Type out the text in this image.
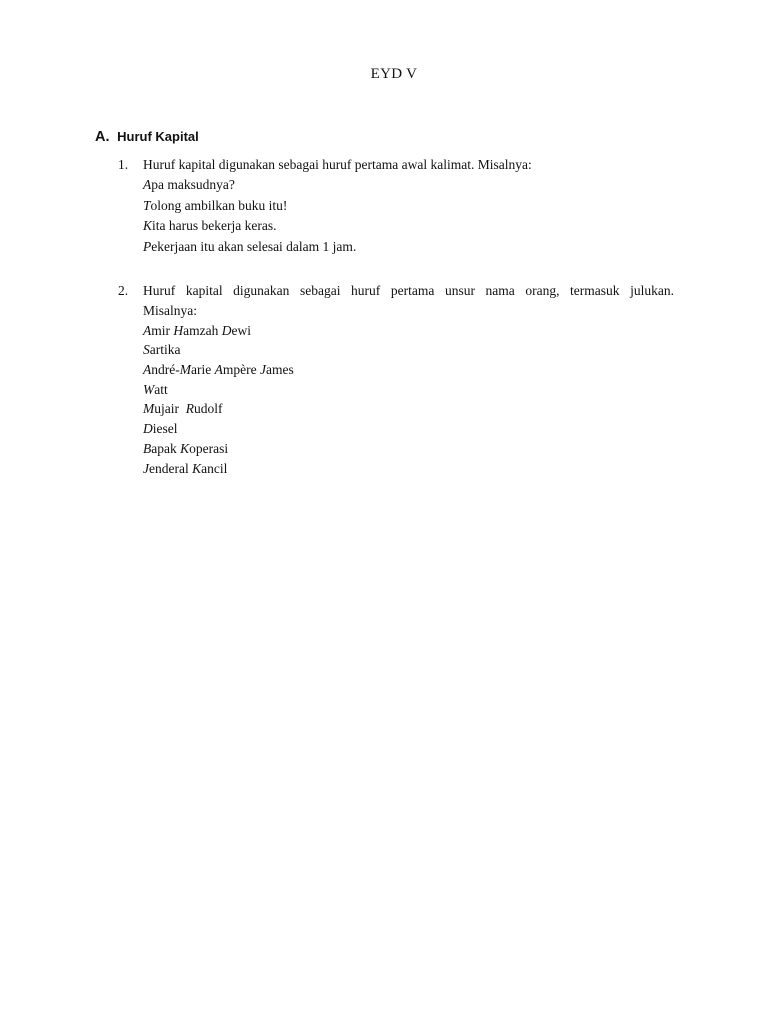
EYD V
A. Huruf Kapital
1.	Huruf kapital digunakan sebagai huruf pertama awal kalimat. Misalnya:
Apa maksudnya?
Tolong ambilkan buku itu!
Kita harus bekerja keras.
Pekerjaan itu akan selesai dalam 1 jam.
2.	Huruf kapital digunakan sebagai huruf pertama unsur nama orang, termasuk julukan.
Misalnya:
Amir Hamzah Dewi
Sartika
André-Marie Ampère James
Watt
Mujair  Rudolf
Diesel
Bapak Koperasi
Jenderal Kancil
